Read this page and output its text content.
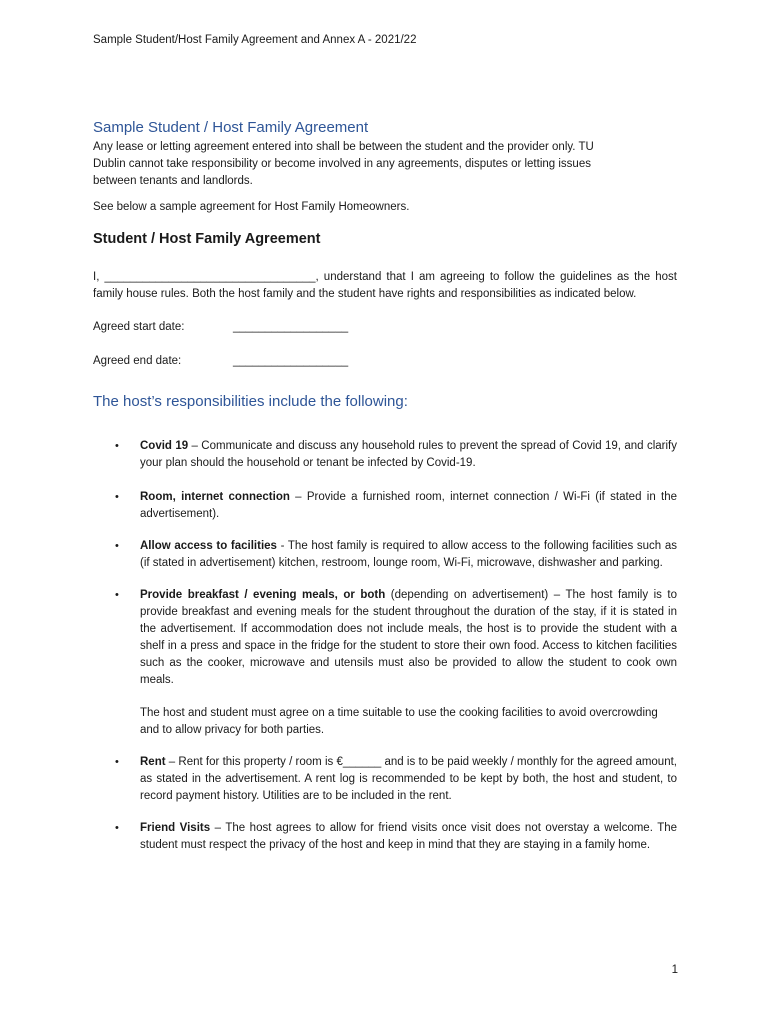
Sample Student/Host Family Agreement and Annex A - 2021/22
Sample Student / Host Family Agreement

Any lease or letting agreement entered into shall be between the student and the provider only. TU
Dublin cannot take responsibility or become involved in any agreements, disputes or letting issues
between tenants and landlords.

See below a sample agreement for Host Family Homeowners.

Student / Host Family Agreement

I, _________________________________, understand that I am agreeing to follow the guidelines as the host family house rules. Both the host family and the student have rights and responsibilities as indicated below.

Agreed start date:	__________________
Agreed end date:	__________________
The host’s responsibilities include the following:
• Covid 19 – Communicate and discuss any household rules to prevent the spread of Covid 19, and clarify your plan should the household or tenant be infected by Covid-19.
• Room, internet connection – Provide a furnished room, internet connection / Wi-Fi (if stated in the advertisement).
• Allow access to facilities - The host family is required to allow access to the following facilities such as (if stated in advertisement) kitchen, restroom, lounge room, Wi-Fi, microwave, dishwasher and parking.
• Provide breakfast / evening meals, or both (depending on advertisement) – The host family is to provide breakfast and evening meals for the student throughout the duration of the stay, if it is stated in the advertisement. If accommodation does not include meals, the host is to provide the student with a shelf in a press and space in the fridge for the student to store their own food. Access to kitchen facilities such as the cooker, microwave and utensils must also be provided to allow the student to cook own meals.

The host and student must agree on a time suitable to use the cooking facilities to avoid overcrowding and to allow privacy for both parties.

• Rent – Rent for this property / room is €______ and is to be paid weekly / monthly for the agreed amount, as stated in the advertisement. A rent log is recommended to be kept by both, the host and student, to record payment history. Utilities are to be included in the rent.
• Friend Visits – The host agrees to allow for friend visits once visit does not overstay a welcome. The student must respect the privacy of the host and keep in mind that they are staying in a family home.
1
